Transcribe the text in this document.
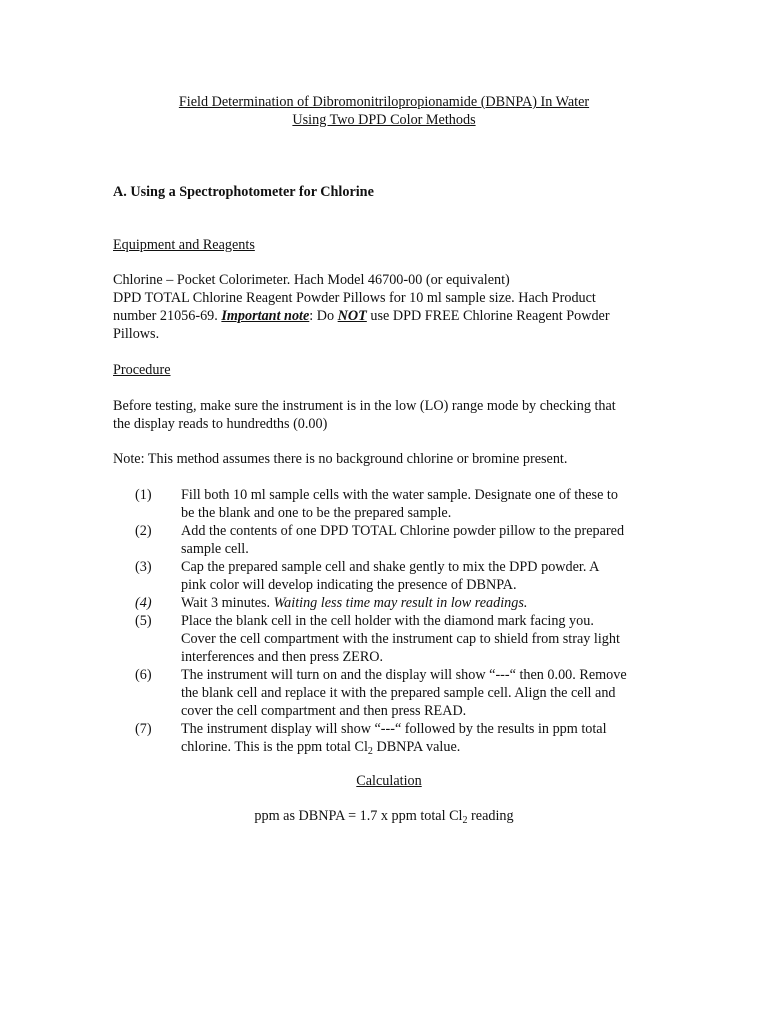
Field Determination of Dibromonitrilopropionamide (DBNPA) In Water
Using Two DPD Color Methods
A. Using a Spectrophotometer for Chlorine
Equipment and Reagents
Chlorine – Pocket Colorimeter. Hach Model 46700-00 (or equivalent)
DPD TOTAL Chlorine Reagent Powder Pillows for 10 ml sample size. Hach Product
number 21056-69. Important note: Do NOT use DPD FREE Chlorine Reagent Powder
Pillows.
Procedure
Before testing, make sure the instrument is in the low (LO) range mode by checking that
the display reads to hundredths (0.00)
Note: This method assumes there is no background chlorine or bromine present.
(1) Fill both 10 ml sample cells with the water sample. Designate one of these to
be the blank and one to be the prepared sample.
(2) Add the contents of one DPD TOTAL Chlorine powder pillow to the prepared
sample cell.
(3) Cap the prepared sample cell and shake gently to mix the DPD powder. A
pink color will develop indicating the presence of DBNPA.
(4) Wait 3 minutes. Waiting less time may result in low readings.
(5) Place the blank cell in the cell holder with the diamond mark facing you.
Cover the cell compartment with the instrument cap to shield from stray light
interferences and then press ZERO.
(6) The instrument will turn on and the display will show “---“ then 0.00. Remove
the blank cell and replace it with the prepared sample cell. Align the cell and
cover the cell compartment and then press READ.
(7) The instrument display will show “---“ followed by the results in ppm total
chlorine. This is the ppm total $Cl_2$ DBNPA value.
Calculation
ppm as DBNPA = 1.7 x ppm total $Cl_2$ reading
